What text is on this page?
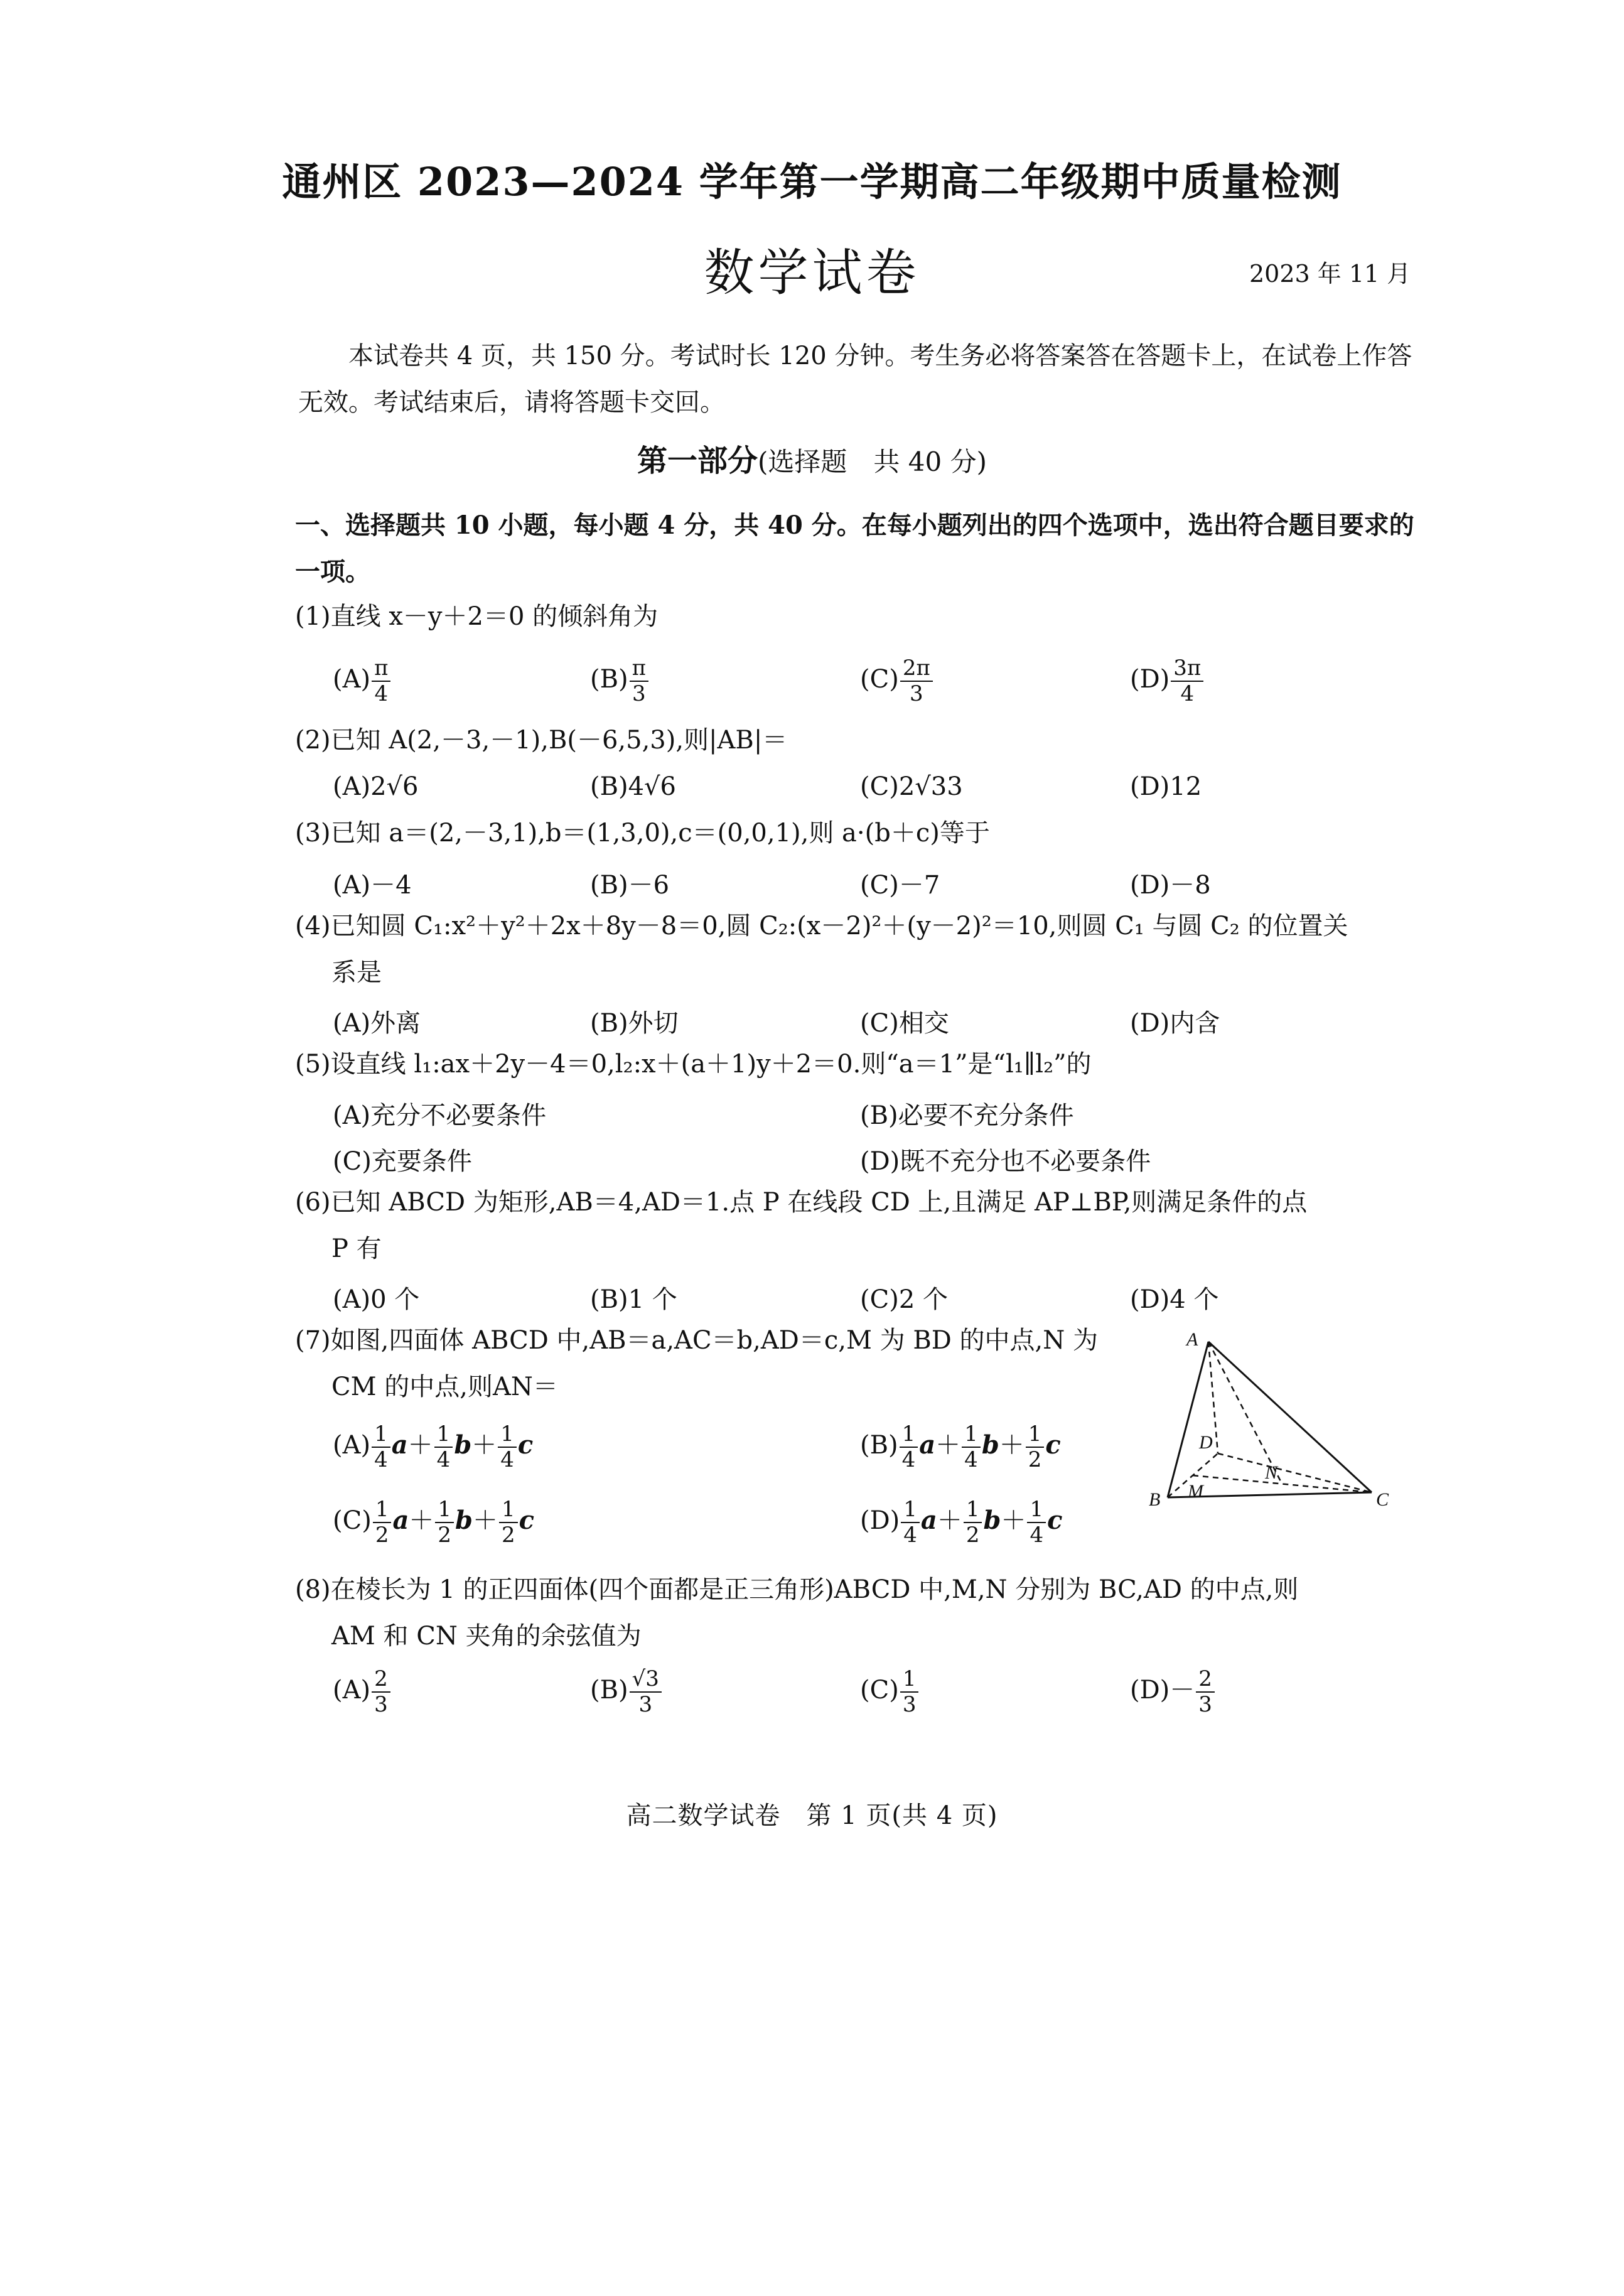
通州区 2023—2024 学年第一学期高二年级期中质量检测
数学试卷	2023 年 11 月
本试卷共 4 页，共 150 分。考试时长 120 分钟。考生务必将答案答在答题卡上，在试卷上作答无效。考试结束后，请将答题卡交回。
第一部分(选择题　共 40 分)
一、选择题共 10 小题，每小题 4 分，共 40 分。在每小题列出的四个选项中，选出符合题目要求的一项。
(1)直线 x－y＋2＝0 的倾斜角为
$(A) \frac{\pi}{4}$	$(B) \frac{\pi}{3}$	$(C) \frac{2\pi}{3}$	$(D) \frac{3\pi}{4}$
(2)已知 A(2,－3,－1),B(－6,5,3),则|AB|＝
(A)2√6	(B)4√6	(C)2√33	(D)12
(3)已知 a＝(2,－3,1),b＝(1,3,0),c＝(0,0,1),则 a·(b＋c)等于
(A)－4	(B)－6	(C)－7	(D)－8
(4)已知圆 C₁:x²＋y²＋2x＋8y－8＝0,圆 C₂:(x－2)²＋(y－2)²＝10,则圆 C₁ 与圆 C₂ 的位置关
系是
(A)外离	(B)外切	(C)相交	(D)内含
(5)设直线 l₁:ax＋2y－4＝0,l₂:x＋(a＋1)y＋2＝0.则“a＝1”是“l₁∥l₂”的
(A)充分不必要条件	(B)必要不充分条件
(C)充要条件	(D)既不充分也不必要条件
(6)已知 ABCD 为矩形,AB＝4,AD＝1.点 P 在线段 CD 上,且满足 AP⊥BP,则满足条件的点
P 有
(A)0 个	(B)1 个	(C)2 个	(D)4 个
(7)如图,四面体 ABCD 中,AB＝a,AC＝b,AD＝c,M 为 BD 的中点,N 为
CM 的中点,则AN＝
$(A) \frac{1}{4} a+ \frac{1}{4} b+ \frac{1}{4}$ c	$(B) \frac{1}{4} a+ \frac{1}{4} b+ \frac{1}{2}$ c
$(C) \frac{1}{2} a+ \frac{1}{2} b+ \frac{1}{2}$ c	$(D) \frac{1}{4} a+ \frac{1}{2} b+ \frac{1}{4}$ c
A
B	C
D
M
N
(8)在棱长为 1 的正四面体(四个面都是正三角形)ABCD 中,M,N 分别为 BC,AD 的中点,则
AM 和 CN 夹角的余弦值为
$(A) \frac{2}{3}$	$(B) \frac{√3}{3}$	$(C) \frac{1}{3}$	$(D)- \frac{2}{3}$
高二数学试卷　第 1 页(共 4 页)
